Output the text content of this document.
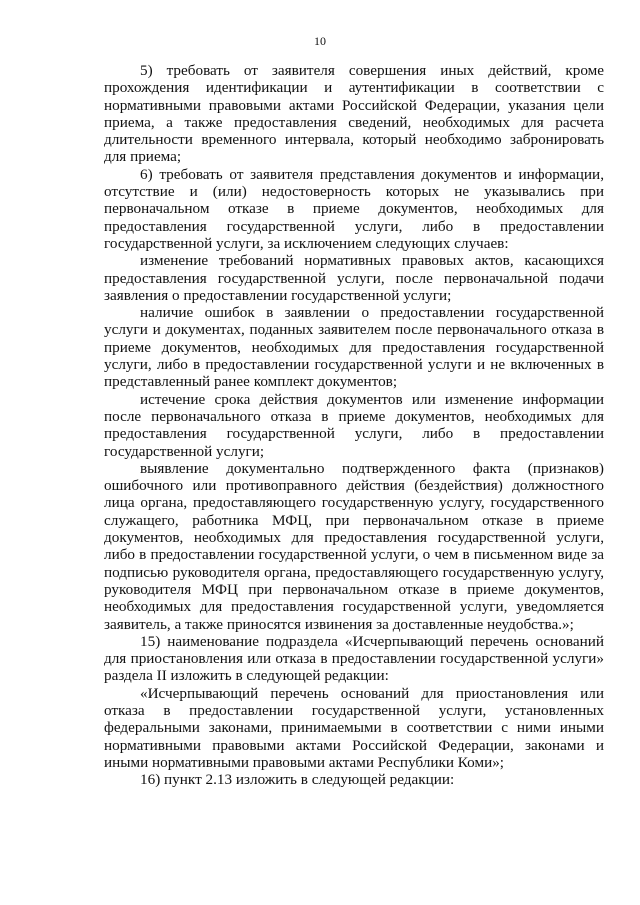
10

5) требовать от заявителя совершения иных действий, кроме прохождения идентификации и аутентификации в соответствии с нормативными правовыми актами Российской Федерации, указания цели приема, а также предоставления сведений, необходимых для расчета длительности временного интервала, который необходимо забронировать для приема;

6) требовать от заявителя представления документов и информации, отсутствие и (или) недостоверность которых не указывались при первоначальном отказе в приеме документов, необходимых для предоставления государственной услуги, либо в предоставлении государственной услуги, за исключением следующих случаев:

изменение требований нормативных правовых актов, касающихся предоставления государственной услуги, после первоначальной подачи заявления о предоставлении государственной услуги;

наличие ошибок в заявлении о предоставлении государственной услуги и документах, поданных заявителем после первоначального отказа в приеме документов, необходимых для предоставления государственной услуги, либо в предоставлении государственной услуги и не включенных в представленный ранее комплект документов;

истечение срока действия документов или изменение информации после первоначального отказа в приеме документов, необходимых для предоставления государственной услуги, либо в предоставлении государственной услуги;

выявление документально подтвержденного факта (признаков) ошибочного или противоправного действия (бездействия) должностного лица органа, предоставляющего государственную услугу, государственного служащего, работника МФЦ, при первоначальном отказе в приеме документов, необходимых для предоставления государственной услуги, либо в предоставлении государственной услуги, о чем в письменном виде за подписью руководителя органа, предоставляющего государственную услугу, руководителя МФЦ при первоначальном отказе в приеме документов, необходимых для предоставления государственной услуги, уведомляется заявитель, а также приносятся извинения за доставленные неудобства.»;

15) наименование подраздела «Исчерпывающий перечень оснований для приостановления или отказа в предоставлении государственной услуги» раздела II изложить в следующей редакции:

«Исчерпывающий перечень оснований для приостановления или отказа в предоставлении государственной услуги, установленных федеральными законами, принимаемыми в соответствии с ними иными нормативными правовыми актами Российской Федерации, законами и иными нормативными правовыми актами Республики Коми»;

16) пункт 2.13 изложить в следующей редакции:
